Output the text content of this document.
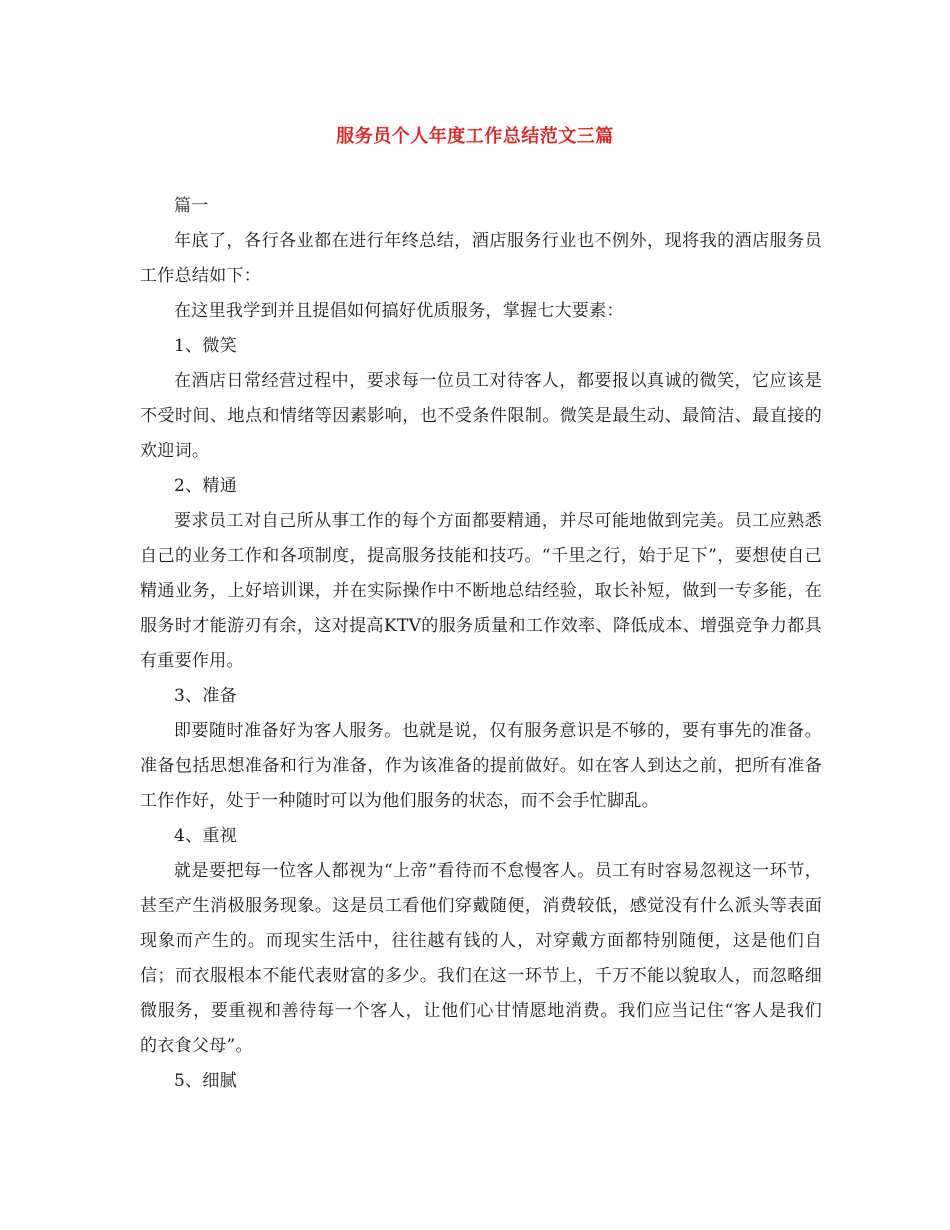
服务员个人年度工作总结范文三篇

篇一

年底了，各行各业都在进行年终总结，酒店服务行业也不例外，现将我的酒店服务员工作总结如下：

在这里我学到并且提倡如何搞好优质服务，掌握七大要素：

1、微笑

在酒店日常经营过程中，要求每一位员工对待客人，都要报以真诚的微笑，它应该是不受时间、地点和情绪等因素影响，也不受条件限制。微笑是最生动、最简洁、最直接的欢迎词。

2、精通

要求员工对自己所从事工作的每个方面都要精通，并尽可能地做到完美。员工应熟悉自己的业务工作和各项制度，提高服务技能和技巧。“千里之行，始于足下”，要想使自己精通业务，上好培训课，并在实际操作中不断地总结经验，取长补短，做到一专多能，在服务时才能游刃有余，这对提高KTV的服务质量和工作效率、降低成本、增强竞争力都具有重要作用。

3、准备

即要随时准备好为客人服务。也就是说，仅有服务意识是不够的，要有事先的准备。准备包括思想准备和行为准备，作为该准备的提前做好。如在客人到达之前，把所有准备工作作好，处于一种随时可以为他们服务的状态，而不会手忙脚乱。

4、重视

就是要把每一位客人都视为“上帝”看待而不怠慢客人。员工有时容易忽视这一环节，甚至产生消极服务现象。这是员工看他们穿戴随便，消费较低，感觉没有什么派头等表面现象而产生的。而现实生活中，往往越有钱的人，对穿戴方面都特别随便，这是他们自信；而衣服根本不能代表财富的多少。我们在这一环节上，千万不能以貌取人，而忽略细微服务，要重视和善待每一个客人，让他们心甘情愿地消费。我们应当记住“客人是我们的衣食父母”。

5、细腻
